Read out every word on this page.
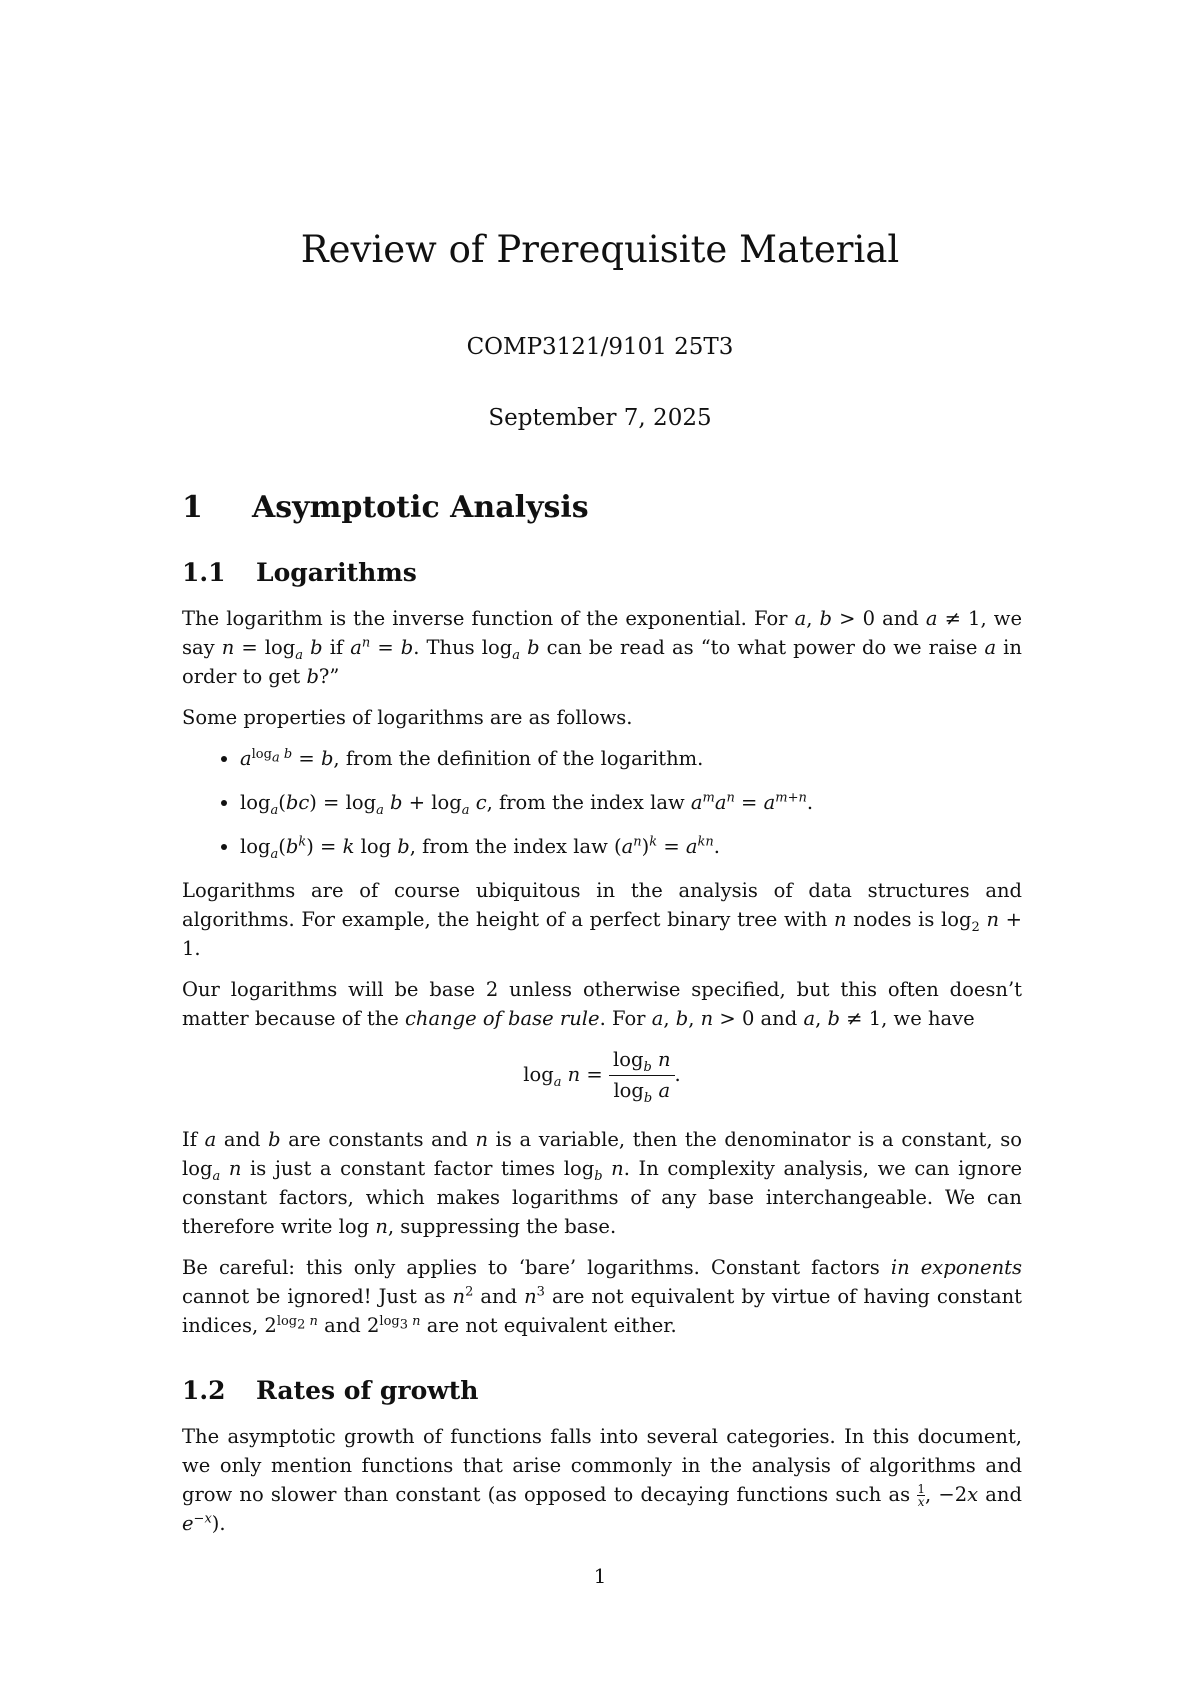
Review of Prerequisite Material
COMP3121/9101 25T3
September 7, 2025
1 Asymptotic Analysis
1.1 Logarithms

The logarithm is the inverse function of the exponential. For a, b > 0 and a ≠ 1, we say $n = \log_a b$ if $a^n = b$. Thus $\log_a b$ can be read as “to what power do we raise a in order to get b?”

Some properties of logarithms are as follows.

• $a^{log_a b} = b$, from the definition of the logarithm.
• $\log_a(bc) = \log_a b + \log_a c$, from the index law $a^ma^n = a^{m+n}$.
• $\log_a(b^k) = k$ log b, from the index law $(a^n)^k = a^{kn}$.

Logarithms are of course ubiquitous in the analysis of data structures and algorithms. For example, the height of a perfect binary tree with n nodes is $\log_2 n + 1$.

Our logarithms will be base 2 unless otherwise specified, but this often doesn’t matter because of the change of base rule. For a, b, n > 0 and a, b ≠ 1, we have

$\log_a n = \frac{\log_b n}{\log_b a}$ .

If a and b are constants and n is a variable, then the denominator is a constant, so $\log_a n$ is just a constant factor times $\log_b n$. In complexity analysis, we can ignore constant factors, which makes logarithms of any base interchangeable. We can therefore write log n, suppressing the base.

Be careful: this only applies to ‘bare’ logarithms. Constant factors in exponents cannot be ignored! Just as $n^2$ and $n^3$ are not equivalent by virtue of having constant indices, $2^{log_2 n}$ and $2^{log_3 n}$ are not equivalent either.

1.2 Rates of growth

The asymptotic growth of functions falls into several categories. In this document, we only mention functions that arise commonly in the analysis of algorithms and grow no slower than constant (as opposed to decaying functions such as $\frac{1}{x}$ , −2x and $e^{-x}$).

1
